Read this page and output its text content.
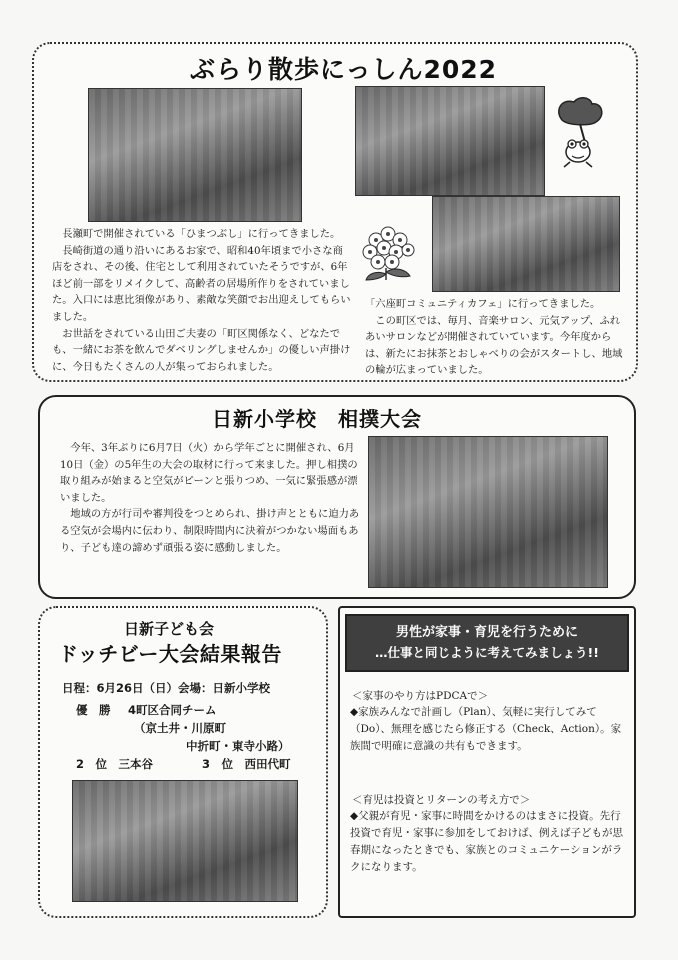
ぶらり散歩にっしん2022

　長瀬町で開催されている「ひまつぶし」に行ってきました。

　長崎街道の通り沿いにあるお家で、昭和40年頃まで小さな商店をされ、その後、住宅として利用されていたそうですが、6年ほど前一部をリメイクして、高齢者の居場所作りをされていました。入口には恵比須像があり、素敵な笑顔でお出迎えしてもらいました。

　お世話をされている山田ご夫妻の「町区関係なく、どなたでも、一緒にお茶を飲んでダベリングしませんか」の優しい声掛けに、今日もたくさんの人が集っておられました。

「六座町コミュニティカフェ」に行ってきました。

　この町区では、毎月、音楽サロン、元気アップ、ふれあいサロンなどが開催されていています。今年度からは、新たにお抹茶とおしゃべりの会がスタートし、地域の輪が広まっていました。

日新小学校　相撲大会

　今年、3年ぶりに6月7日（火）から学年ごとに開催され、6月10日（金）の5年生の大会の取材に行って来ました。押し相撲の取り組みが始まると空気がピーンと張りつめ、一気に緊張感が漂いました。

　地域の方が行司や審判役をつとめられ、掛け声とともに迫力ある空気が会場内に伝わり、制限時間内に決着がつかない場面もあり、子ども達の諦めず頑張る姿に感動しました。

日新子ども会
ドッチビー大会結果報告
日程：6月26日（日）会場：日新小学校
優　勝 4町区合同チーム
（京土井・川原町
中折町・東寺小路）
2　位　三本谷	3　位　西田代町
男性が家事・育児を行うために
…仕事と同じように考えてみましょう!!
＜家事のやり方はPDCAで＞
◆家族みんなで計画し（Plan）、気軽に実行してみて（Do）、無理を感じたら修正する（Check、Action）。家族間で明確に意識の共有もできます。
＜育児は投資とリターンの考え方で＞
◆父親が育児・家事に時間をかけるのはまさに投資。先行投資で育児・家事に参加をしておけば、例えば子どもが思春期になったときでも、家族とのコミュニケーションがラクになります。
